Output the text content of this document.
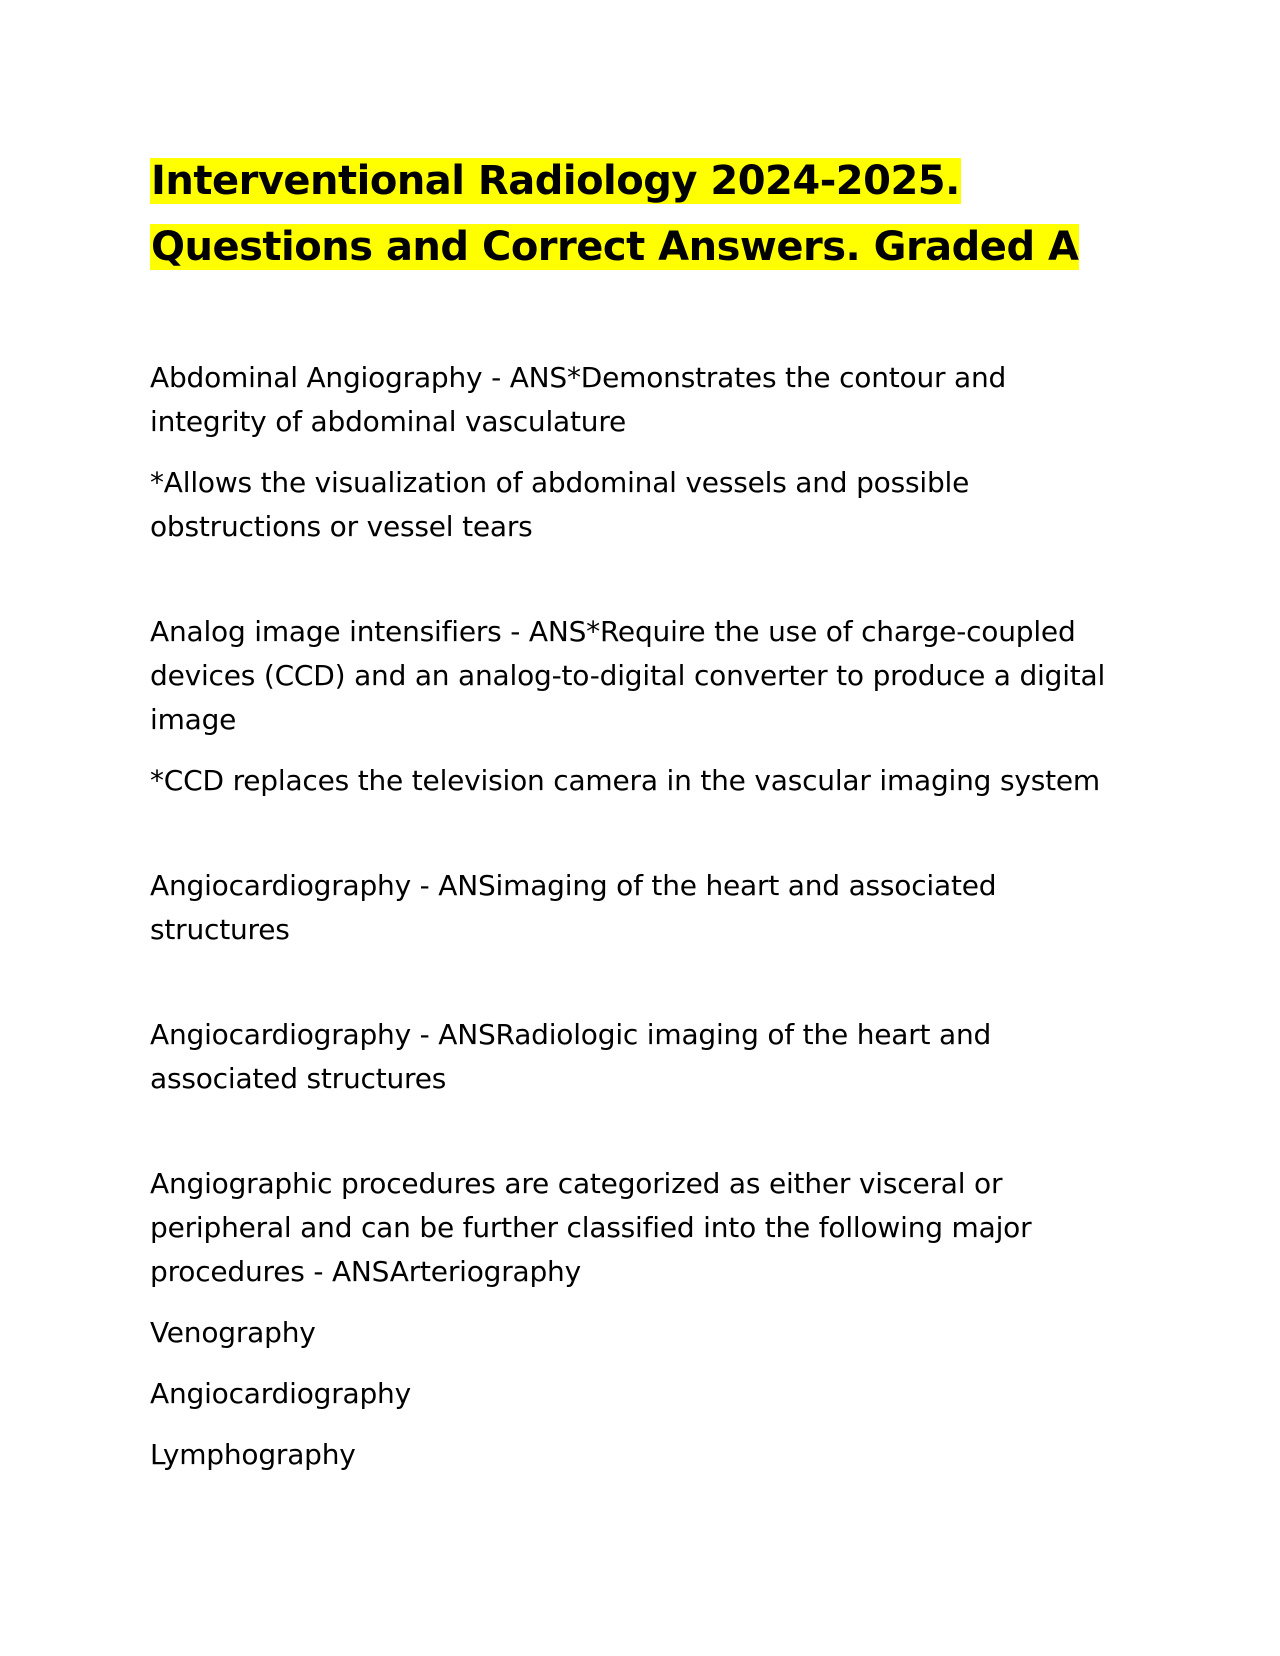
Interventional Radiology 2024-2025. Questions and Correct Answers. Graded A

Abdominal Angiography - ANS*Demonstrates the contour and integrity of abdominal vasculature

*Allows the visualization of abdominal vessels and possible obstructions or vessel tears

Analog image intensifiers - ANS*Require the use of charge-coupled devices (CCD) and an analog-to-digital converter to produce a digital image

*CCD replaces the television camera in the vascular imaging system

Angiocardiography - ANSimaging of the heart and associated structures

Angiocardiography - ANSRadiologic imaging of the heart and associated structures

Angiographic procedures are categorized as either visceral or peripheral and can be further classified into the following major procedures - ANSArteriography

Venography

Angiocardiography

Lymphography
